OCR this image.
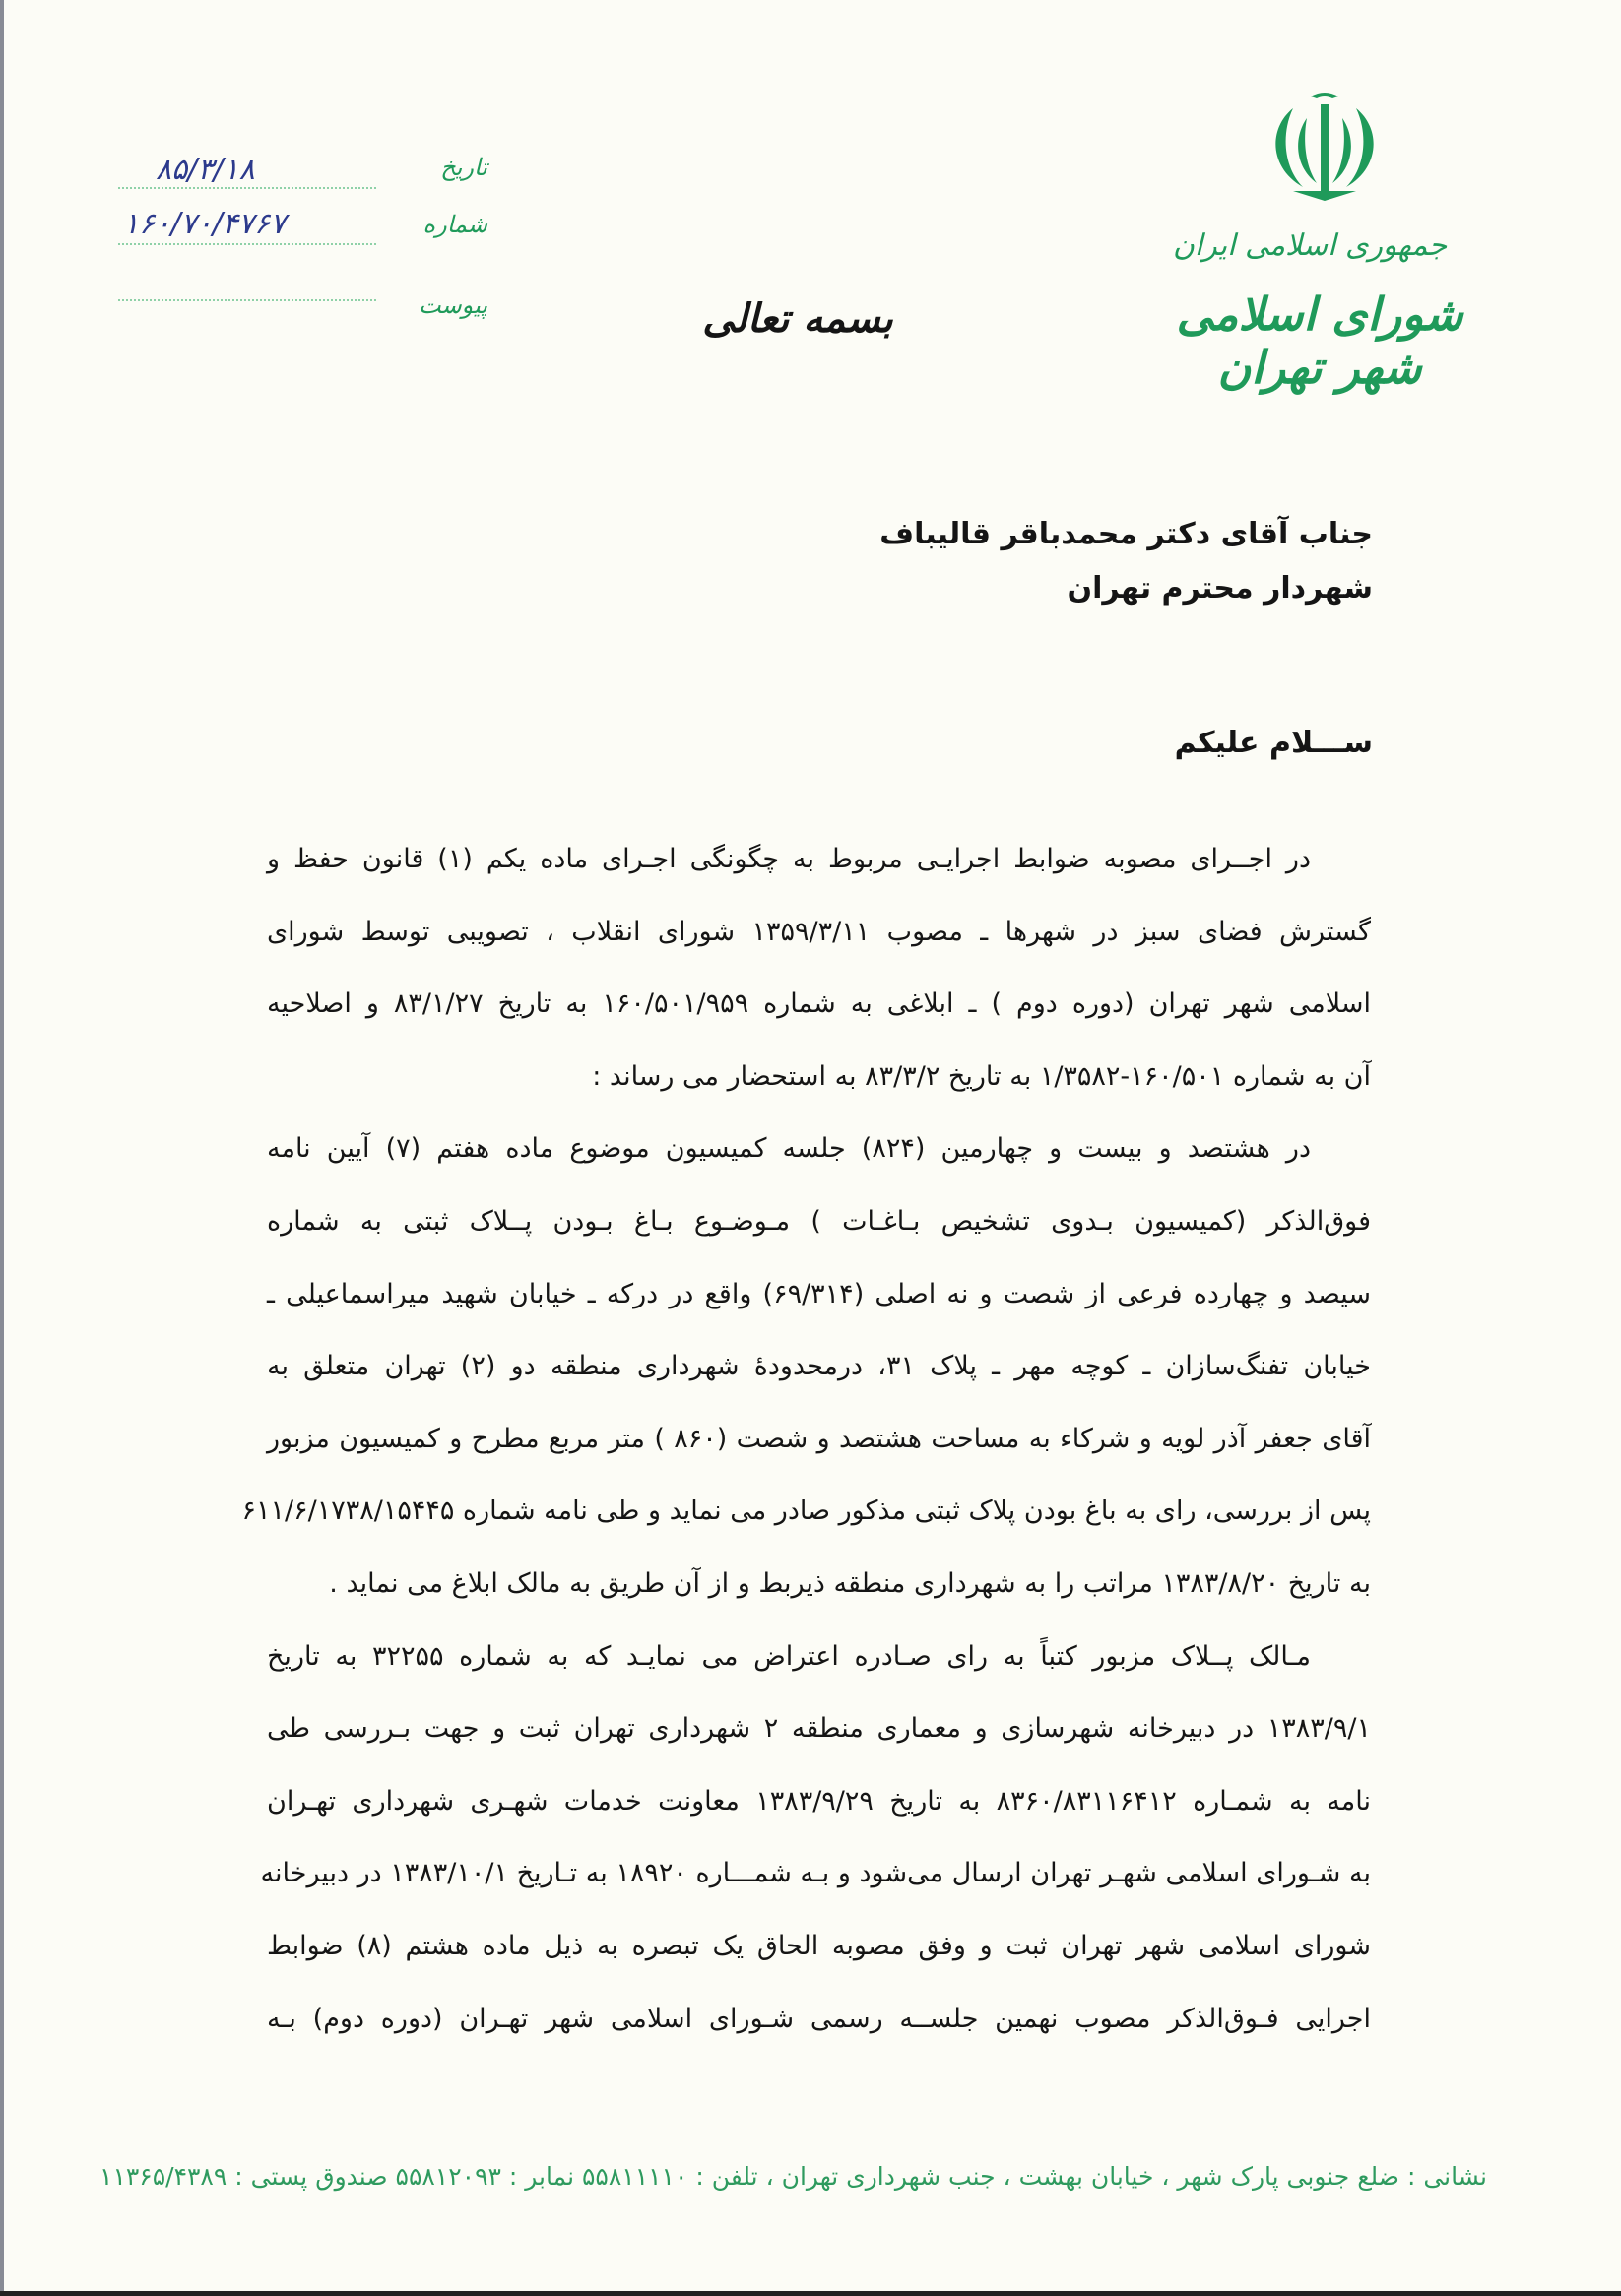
جمهوری اسلامی ایران
شورای اسلامی شهر تهران
بسمه تعالی
تاریخ
شماره
پیوست
۸۵/۳/۱۸
۱۶۰/۷۰/۴۷۶۷
جناب آقای دکتر محمدباقر قالیباف
شهردار محترم تهران
ســـلام علیکم
در اجــرای مصوبه ضوابط اجرایـی مربوط به چگونگی اجـرای ماده یکم (۱) قانون حفظ و
گسترش فضای سبز در شهرها ـ مصوب ۱۳۵۹/۳/۱۱ شورای انقلاب ، تصویبی توسط شورای
اسلامی شهر تهران (دوره دوم ) ـ ابلاغی به شماره ۱۶۰/۵۰۱/۹۵۹ به تاریخ ۸۳/۱/۲۷ و اصلاحیه
آن به شماره ۱۶۰/۵۰۱-۱/۳۵۸۲ به تاریخ ۸۳/۳/۲ به استحضار می رساند :
در هشتصد و بیست و چهارمین (۸۲۴) جلسه کمیسیون موضوع ماده هفتم (۷) آیین نامه
فوق‌الذکر (کمیسیون بـدوی تشخیص بـاغـات ) مـوضـوع بـاغ بـودن پــلاک ثبتی به شماره
سیصد و چهارده فرعی از شصت و نه اصلی (۶۹/۳۱۴) واقع در درکه ـ خیابان شهید میراسماعیلی ـ
خیابان تفنگ‌سازان ـ کوچه مهر ـ پلاک ۳۱، درمحدودۀ شهرداری منطقه دو (۲) تهران متعلق به
آقای جعفر آذر لویه و شرکاء به مساحت هشتصد و شصت (۸۶۰ ) متر مربع مطرح و کمیسیون مزبور
پس از بررسی، رای به باغ بودن پلاک ثبتی مذکور صادر می نماید و طی نامه شماره ۶۱۱/۶/۱۷۳۸/۱۵۴۴۵
به تاریخ ۱۳۸۳/۸/۲۰ مراتب را به شهرداری منطقه ذیربط و از آن طریق به مالک ابلاغ می نماید .
مـالک پــلاک مزبور کتباً به رای صـادره اعتراض می نمایـد که به شماره ۳۲۲۵۵ به تاریخ
۱۳۸۳/۹/۱ در دبیرخانه شهرسازی و معماری منطقه ۲ شهرداری تهران ثبت و جهت بـررسی طی
نامه به شمـاره ۸۳۶۰/۸۳۱۱۶۴۱۲ به تاریخ ۱۳۸۳/۹/۲۹ معاونت خدمات شهـری شهرداری تهـران
به شـورای اسلامی شهـر تهران ارسال می‌شود و بـه شمـــاره ۱۸۹۲۰ به تـاریخ ۱۳۸۳/۱۰/۱ در دبیرخانه
شورای اسلامی شهر تهران ثبت و وفق مصوبه الحاق یک تبصره به ذیل ماده هشتم (۸) ضوابط
اجرایی فـوق‌الذکر مصوب نهمین جلســه رسمی شـورای اسلامی شهر تهـران (دوره دوم) بـه
نشانی : ضلع جنوبی پارک شهر ، خیابان بهشت ، جنب شهرداری تهران ، تلفن : ۵۵۸۱۱۱۱۰ نمابر : ۵۵۸۱۲۰۹۳ صندوق پستی : ۱۱۳۶۵/۴۳۸۹
